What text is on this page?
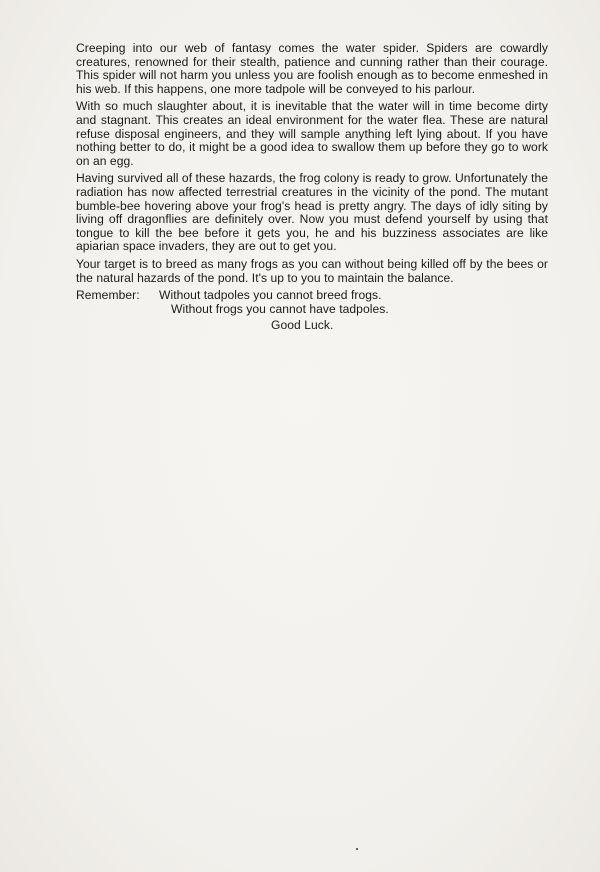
Creeping into our web of fantasy comes the water spider. Spiders are cowardly creatures, renowned for their stealth, patience and cunning rather than their courage. This spider will not harm you unless you are foolish enough as to become enmeshed in his web. If this happens, one more tadpole will be conveyed to his parlour.

With so much slaughter about, it is inevitable that the water will in time become dirty and stagnant. This creates an ideal environment for the water flea. These are natural refuse disposal engineers, and they will sample anything left lying about. If you have nothing better to do, it might be a good idea to swallow them up before they go to work on an egg.

Having survived all of these hazards, the frog colony is ready to grow. Unfortunately the radiation has now affected terrestrial creatures in the vicinity of the pond. The mutant bumble-bee hovering above your frog's head is pretty angry. The days of idly siting by living off dragonflies are definitely over. Now you must defend yourself by using that tongue to kill the bee before it gets you, he and his buzziness associates are like apiarian space invaders, they are out to get you.

Your target is to breed as many frogs as you can without being killed off by the bees or the natural hazards of the pond. It's up to you to maintain the balance.

Remember:	Without tadpoles you cannot breed frogs.
Without frogs you cannot have tadpoles.
Good Luck.
